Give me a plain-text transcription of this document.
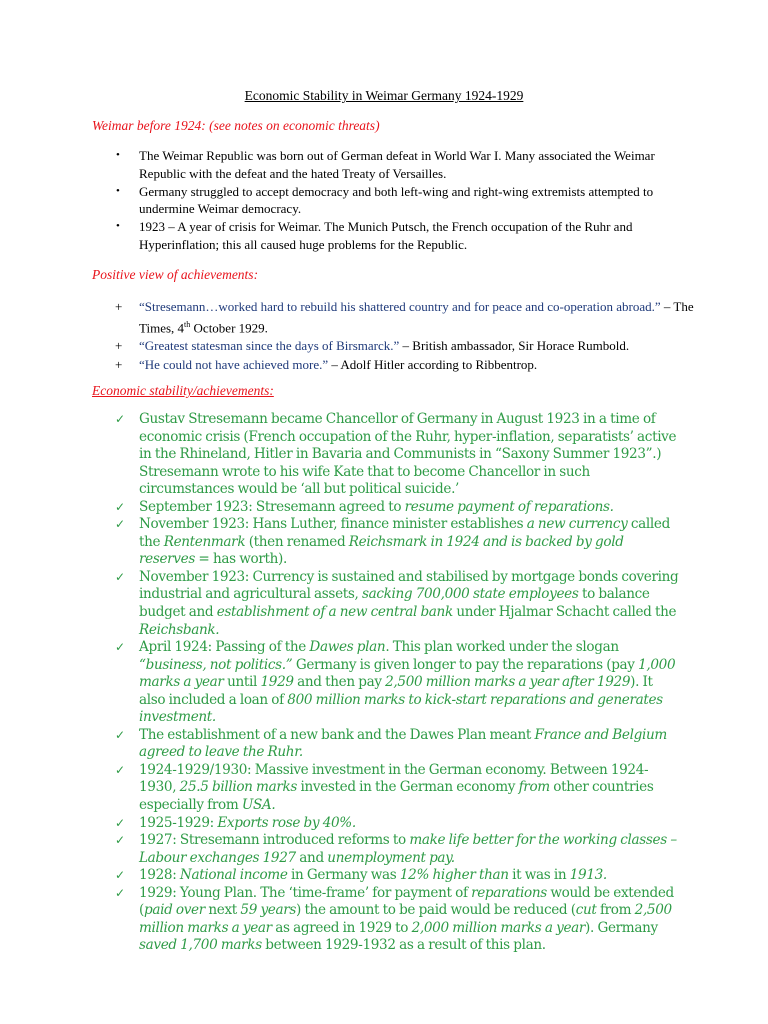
Economic Stability in Weimar Germany 1924-1929
Weimar before 1924: (see notes on economic threats)
• The Weimar Republic was born out of German defeat in World War I. Many associated the Weimar Republic with the defeat and the hated Treaty of Versailles.
• Germany struggled to accept democracy and both left-wing and right-wing extremists attempted to undermine Weimar democracy.
• 1923 – A year of crisis for Weimar. The Munich Putsch, the French occupation of the Ruhr and Hyperinflation; this all caused huge problems for the Republic.
Positive view of achievements:
+ “Stresemann…worked hard to rebuild his shattered country and for peace and co-operation abroad.” – The Times, 4th October 1929.
+ “Greatest statesman since the days of Birsmarck.” – British ambassador, Sir Horace Rumbold.
+ “He could not have achieved more.” – Adolf Hitler according to Ribbentrop.
Economic stability/achievements:
✓ Gustav Stresemann became Chancellor of Germany in August 1923 in a time of economic crisis (French occupation of the Ruhr, hyper-inflation, separatists’ active in the Rhineland, Hitler in Bavaria and Communists in “Saxony Summer 1923”.) Stresemann wrote to his wife Kate that to become Chancellor in such circumstances would be ‘all but political suicide.’
✓ September 1923: Stresemann agreed to resume payment of reparations.
✓ November 1923: Hans Luther, finance minister establishes a new currency called the Rentenmark (then renamed Reichsmark in 1924 and is backed by gold reserves = has worth).
✓ November 1923: Currency is sustained and stabilised by mortgage bonds covering industrial and agricultural assets, sacking 700,000 state employees to balance budget and establishment of a new central bank under Hjalmar Schacht called the Reichsbank.
✓ April 1924: Passing of the Dawes plan. This plan worked under the slogan “business, not politics.” Germany is given longer to pay the reparations (pay 1,000 marks a year until 1929 and then pay 2,500 million marks a year after 1929). It also included a loan of 800 million marks to kick-start reparations and generates investment.
✓ The establishment of a new bank and the Dawes Plan meant France and Belgium agreed to leave the Ruhr.
✓ 1924-1929/1930: Massive investment in the German economy. Between 1924-1930, 25.5 billion marks invested in the German economy from other countries especially from USA.
✓ 1925-1929: Exports rose by 40%.
✓ 1927: Stresemann introduced reforms to make life better for the working classes – Labour exchanges 1927 and unemployment pay.
✓ 1928: National income in Germany was 12% higher than it was in 1913.
✓ 1929: Young Plan. The ‘time-frame’ for payment of reparations would be extended (paid over next 59 years) the amount to be paid would be reduced (cut from 2,500 million marks a year as agreed in 1929 to 2,000 million marks a year). Germany saved 1,700 marks between 1929-1932 as a result of this plan.
